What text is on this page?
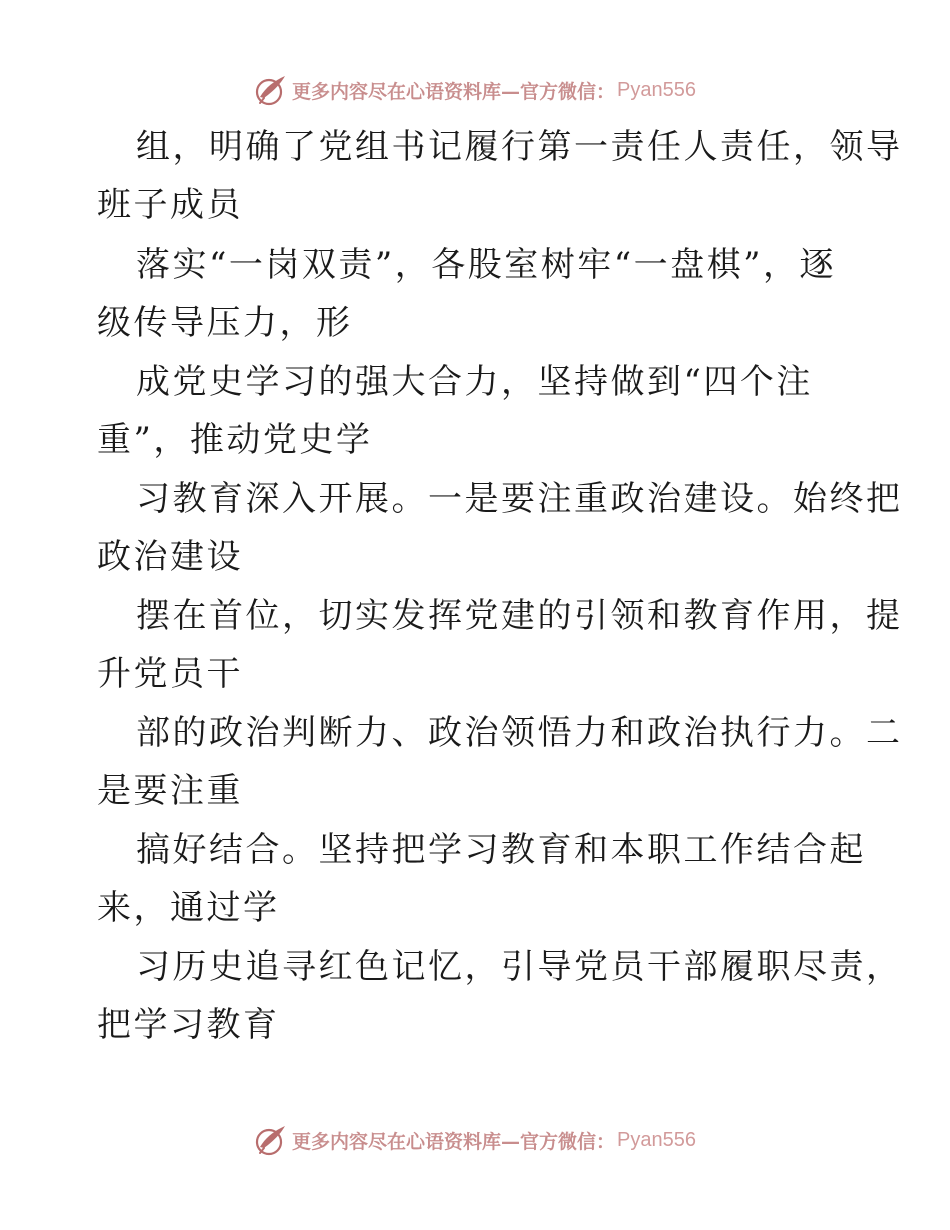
更多内容尽在心语资料库—官方微信： Pyan556
组，明确了党组书记履行第一责任人责任，领导
班子成员
落实“一岗双责”，各股室树牢“一盘棋”，逐
级传导压力，形
成党史学习的强大合力，坚持做到“四个注
重”，推动党史学
习教育深入开展。一是要注重政治建设。始终把
政治建设
摆在首位，切实发挥党建的引领和教育作用，提
升党员干
部的政治判断力、政治领悟力和政治执行力。二
是要注重
搞好结合。坚持把学习教育和本职工作结合起
来，通过学
习历史追寻红色记忆，引导党员干部履职尽责，
把学习教育
更多内容尽在心语资料库—官方微信： Pyan556
